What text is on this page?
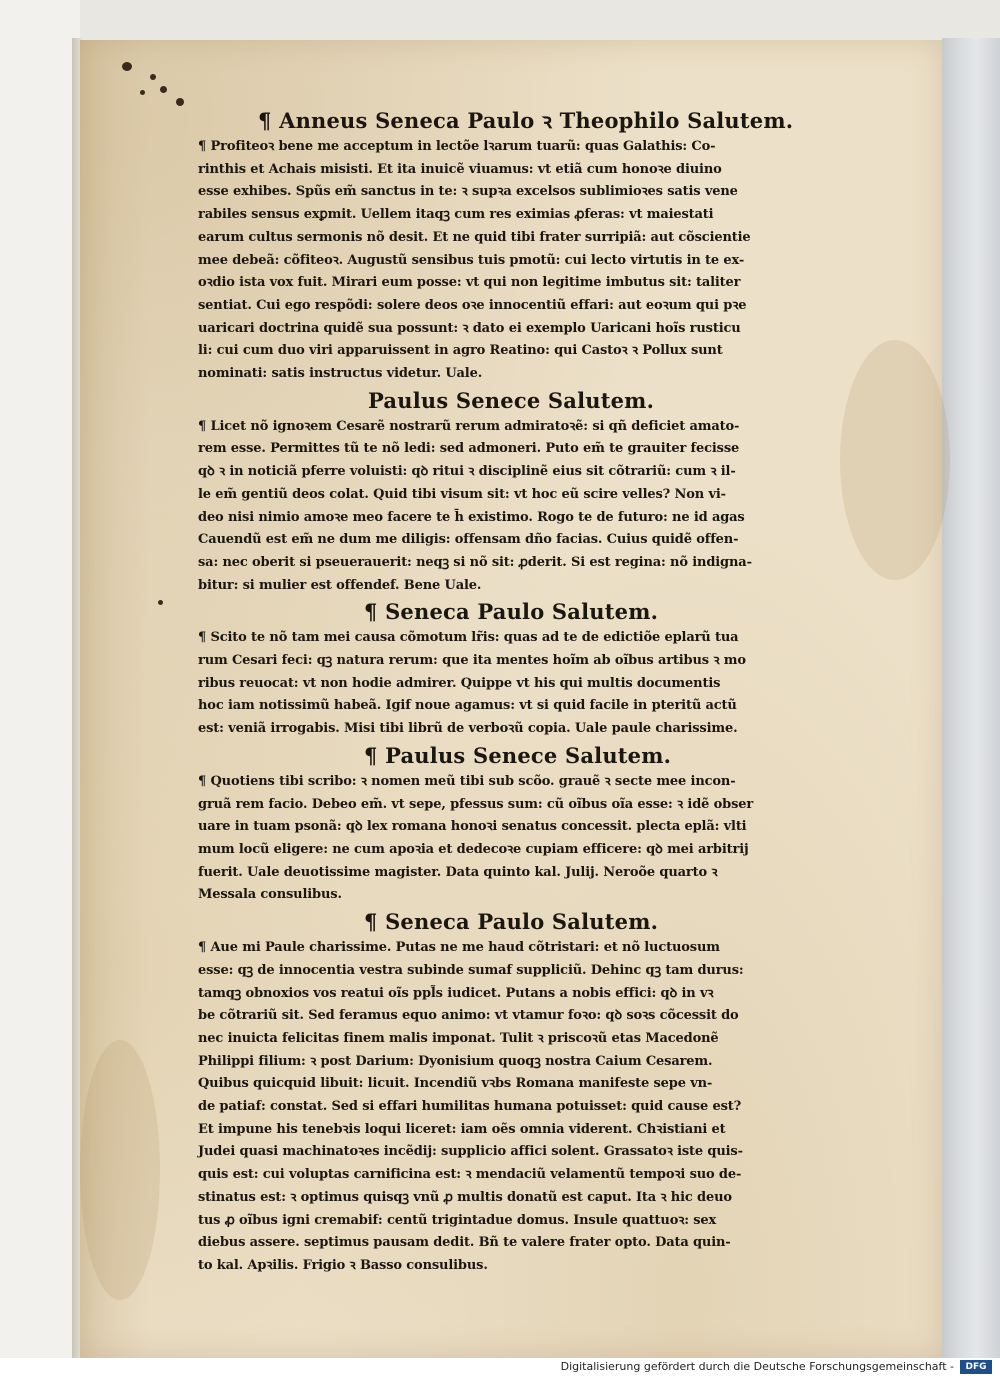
¶ Anneus Seneca Paulo ꝛ Theophilo Salutem.
¶ Profiteoꝛ bene me acceptum in lectõe lꝛarum tuarũ: quas Galathis: Co-
rinthis et Achais misisti. Et ita inuicẽ viuamus: vt etiã cum honoꝛe diuino
esse exhibes. Spũs em̃ sanctus in te: ꝛ supꝛa excelsos sublimioꝛes satis vene
rabiles sensus exꝑmit. Uellem itaqꝫ cum res eximias ꝓferas: vt maiestati
earum cultus sermonis nõ desit. Et ne quid tibi frater surripiã: aut cõscientie
mee debeã: cõfiteoꝛ. Augustũ sensibus tuis pmotũ: cui lecto virtutis in te ex-
oꝛdio ista vox fuit. Mirari eum posse: vt qui non legitime imbutus sit: taliter
sentiat. Cui ego respõdi: solere deos oꝛe innocentiũ effari: aut eoꝛum qui pꝛe
uaricari doctrina quidẽ sua possunt: ꝛ dato ei exemplo Uaricani hoĩs rusticu
li: cui cum duo viri apparuissent in agro Reatino: qui Castoꝛ ꝛ Pollux sunt
nominati: satis instructus videtur. Uale.
Paulus Senece Salutem.
¶ Licet nõ ignoꝛem Cesarẽ nostrarũ rerum admiratoꝛẽ: si qñ deficiet amato-
rem esse. Permittes tũ te nõ ledi: sed admoneri. Puto em̃ te grauiter fecisse
qꝺ ꝛ in noticiã pferre voluisti: qꝺ ritui ꝛ disciplinẽ eius sit cõtrariũ: cum ꝛ il-
le em̃ gentiũ deos colat. Quid tibi visum sit: vt hoc eũ scire velles? Non vi-
deo nisi nimio amoꝛe meo facere te h̄ existimo. Rogo te de futuro: ne id agas
Cauendũ est em̃ ne dum me diligis: offensam dño facias. Cuius quidẽ offen-
sa: nec oberit si pseuerauerit: neqꝫ si nõ sit: ꝓderit. Si est regina: nõ indigna-
bitur: si mulier est offendef. Bene Uale.
¶ Seneca Paulo Salutem.
¶ Scito te nõ tam mei causa cõmotum lr̃is: quas ad te de edictiõe eplarũ tua
rum Cesari feci: qꝫ natura rerum: que ita mentes hoĩm ab oĩbus artibus ꝛ mo
ribus reuocat: vt non hodie admirer. Quippe vt his qui multis documentis
hoc iam notissimũ habeã. Igif noue agamus: vt si quid facile in pteritũ actũ
est: veniã irrogabis. Misi tibi librũ de verboꝛũ copia. Uale paule charissime.
¶ Paulus Senece Salutem.
¶ Quotiens tibi scribo: ꝛ nomen meũ tibi sub scõo. grauẽ ꝛ secte mee incon-
gruã rem facio. Debeo em̃. vt sepe, pfessus sum: cũ oĩbus oĩa esse: ꝛ idẽ obser
uare in tuam psonã: qꝺ lex romana honoꝛi senatus concessit. plecta eplã: vlti
mum locũ eligere: ne cum apoꝛia et dedecoꝛe cupiam efficere: qꝺ mei arbitrij
fuerit. Uale deuotissime magister. Data quinto kal. Julij. Neroõe quarto ꝛ
Messala consulibus.
¶ Seneca Paulo Salutem.
¶ Aue mi Paule charissime. Putas ne me haud cõtristari: et nõ luctuosum
esse: qꝫ de innocentia vestra subinde sumaf suppliciũ. Dehinc qꝫ tam durus:
tamqꝫ obnoxios vos reatui oĩs ppl̃s iudicet. Putans a nobis effici: qꝺ in vꝛ
be cõtrariũ sit. Sed feramus equo animo: vt vtamur foꝛo: qꝺ soꝛs cõcessit do
nec inuicta felicitas finem malis imponat. Tulit ꝛ priscoꝛũ etas Macedonẽ
Philippi filium: ꝛ post Darium: Dyonisium quoqꝫ nostra Caium Cesarem.
Quibus quicquid libuit: licuit. Incendiũ vꝛbs Romana manifeste sepe vn-
de patiaf: constat. Sed si effari humilitas humana potuisset: quid cause est?
Et impune his tenebꝛis loqui liceret: iam oẽs omnia viderent. Chꝛistiani et
Judei quasi machinatoꝛes incẽdij: supplicio affici solent. Grassatoꝛ iste quis-
quis est: cui voluptas carnificina est: ꝛ mendaciũ velamentũ tempoꝛi suo de-
stinatus est: ꝛ optimus quisqꝫ vnũ ꝓ multis donatũ est caput. Ita ꝛ hic deuo
tus ꝓ oĩbus igni cremabif: centũ trigintadue domus. Insule quattuoꝛ: sex
diebus assere. septimus pausam dedit. Bñ te valere frater opto. Data quin-
to kal. Apꝛilis. Frigio ꝛ Basso consulibus.
Digitalisierung gefördert durch die Deutsche Forschungsgemeinschaft -	DFG
